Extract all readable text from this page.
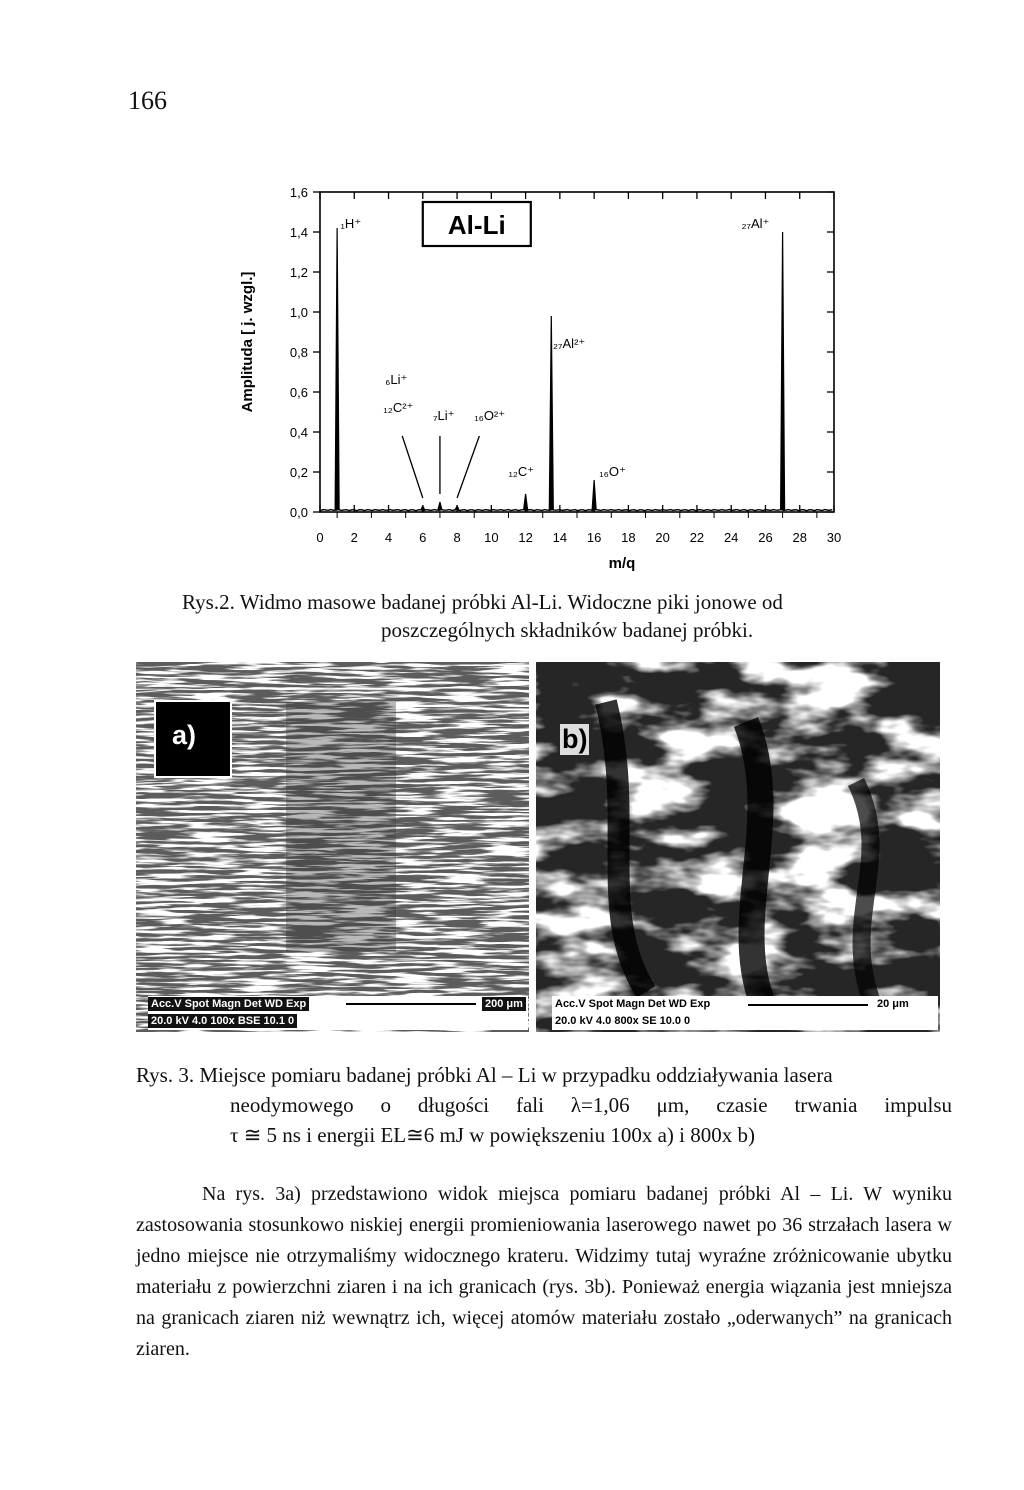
166
0 2 4 6 8 10 12 14 16 18 20 22 24 26 28 30
0,0
0,2
0,4
0,6
0,8
1,0
1,2
1,4
1,6
m/q
Amplituda [ j. wzgl.]
₁H⁺
₆Li⁺
₁₂C²⁺
₇Li⁺ ₁₆O²⁺
₁₂C⁺
₂₇Al²⁺
₁₆O⁺
₂₇Al⁺
Al-Li
Rys.2. Widmo masowe badanej próbki Al-Li. Widoczne piki jonowe od
poszczególnych składników badanej próbki.
a)
Acc.V Spot Magn Det WD Exp
20.0 kV 4.0 100x BSE 10.1 0
200 μm
b)
Acc.V Spot Magn Det WD Exp
20.0 kV 4.0 800x SE 10.0 0
20 μm
Rys. 3. Miejsce pomiaru badanej próbki Al – Li w przypadku oddziaływania lasera
neodymowego o długości fali λ=1,06 μm, czasie trwania impulsu
τ ≅ 5 ns i energii EL≅6 mJ w powiększeniu 100x a) i 800x b)
Na rys. 3a) przedstawiono widok miejsca pomiaru badanej próbki Al – Li. W wyniku zastosowania stosunkowo niskiej energii promieniowania laserowego nawet po 36 strzałach lasera w jedno miejsce nie otrzymaliśmy widocznego krateru. Widzimy tutaj wyraźne zróżnicowanie ubytku materiału z powierzchni ziaren i na ich granicach (rys. 3b). Ponieważ energia wiązania jest mniejsza na granicach ziaren niż wewnątrz ich, więcej atomów materiału zostało „oderwanych” na granicach ziaren.
